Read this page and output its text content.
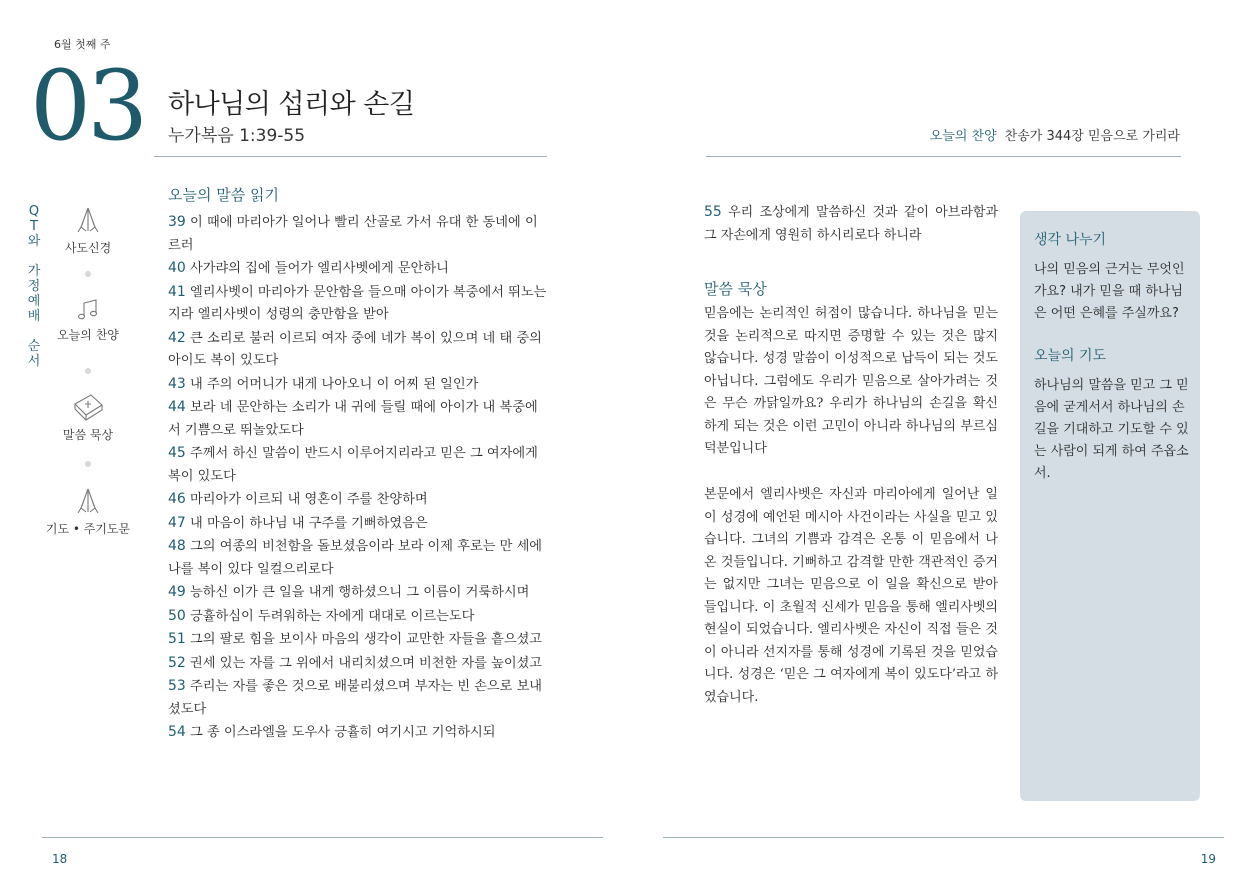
6월 첫째 주
03 하나님의 섭리와 손길
누가복음 1:39-55	오늘의 찬양 찬송가 344장 믿음으로 가리라
Q
T
와
가
정
예
배
순
서
사도신경
오늘의 찬양
말씀 묵상
기도 • 주기도문
오늘의 말씀 읽기

39 이 때에 마리아가 일어나 빨리 산골로 가서 유대 한 동네에 이르러

40 사가랴의 집에 들어가 엘리사벳에게 문안하니

41 엘리사벳이 마리아가 문안함을 들으매 아이가 복중에서 뛰노는지라 엘리사벳이 성령의 충만함을 받아

42 큰 소리로 불러 이르되 여자 중에 네가 복이 있으며 네 태 중의 아이도 복이 있도다

43 내 주의 어머니가 내게 나아오니 이 어찌 된 일인가

44 보라 네 문안하는 소리가 내 귀에 들릴 때에 아이가 내 복중에서 기쁨으로 뛰놀았도다

45 주께서 하신 말씀이 반드시 이루어지리라고 믿은 그 여자에게 복이 있도다

46 마리아가 이르되 내 영혼이 주를 찬양하며

47 내 마음이 하나님 내 구주를 기뻐하였음은

48 그의 여종의 비천함을 돌보셨음이라 보라 이제 후로는 만 세에 나를 복이 있다 일컬으리로다

49 능하신 이가 큰 일을 내게 행하셨으니 그 이름이 거룩하시며

50 긍휼하심이 두려워하는 자에게 대대로 이르는도다

51 그의 팔로 힘을 보이사 마음의 생각이 교만한 자들을 흩으셨고

52 권세 있는 자를 그 위에서 내리치셨으며 비천한 자를 높이셨고

53 주리는 자를 좋은 것으로 배불리셨으며 부자는 빈 손으로 보내셨도다

54 그 종 이스라엘을 도우사 긍휼히 여기시고 기억하시되

55 우리 조상에게 말씀하신 것과 같이 아브라함과 그 자손에게 영원히 하시리로다 하니라
말씀 묵상
믿음에는 논리적인 허점이 많습니다. 하나님을 믿는 것을 논리적으로 따지면 증명할 수 있는 것은 많지 않습니다. 성경 말씀이 이성적으로 납득이 되는 것도 아닙니다. 그럼에도 우리가 믿음으로 살아가려는 것은 무슨 까닭일까요? 우리가 하나님의 손길을 확신하게 되는 것은 이런 고민이 아니라 하나님의 부르심 덕분입니다
본문에서 엘리사벳은 자신과 마리아에게 일어난 일이 성경에 예언된 메시아 사건이라는 사실을 믿고 있습니다. 그녀의 기쁨과 감격은 온통 이 믿음에서 나온 것들입니다. 기뻐하고 감격할 만한 객관적인 증거는 없지만 그녀는 믿음으로 이 일을 확신으로 받아 들입니다. 이 초월적 신세가 믿음을 통해 엘리사벳의 현실이 되었습니다. 엘리사벳은 자신이 직접 들은 것이 아니라 선지자를 통해 성경에 기록된 것을 믿었습니다. 성경은 ‘믿은 그 여자에게 복이 있도다’라고 하였습니다.

생각 나누기

나의 믿음의 근거는 무엇인가요? 내가 믿을 때 하나님은 어떤 은혜를 주실까요?

오늘의 기도

하나님의 말씀을 믿고 그 믿음에 굳게서서 하나님의 손길을 기대하고 기도할 수 있는 사람이 되게 하여 주옵소서.

18	19
